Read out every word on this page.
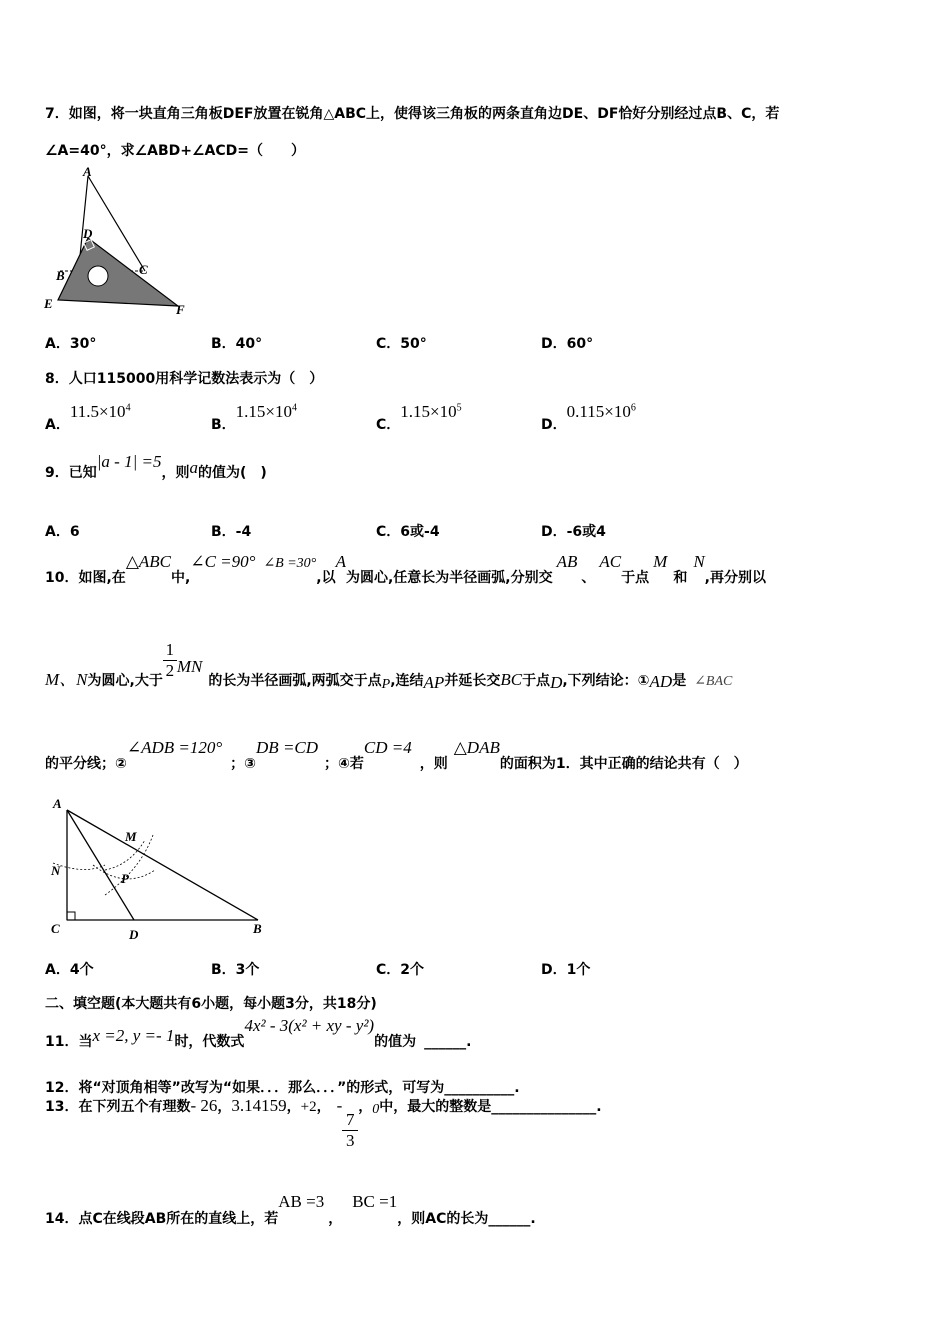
7．如图，将一块直角三角板DEF放置在锐角△ABC上，使得该三角板的两条直角边DE、DF恰好分别经过点B、C，若
∠A=40°，求∠ABD+∠ACD=（　　）
A
D
B	C
E	F
A．30°	B．40°	C．50°	D．60°
8．人口115000用科学记数法表示为（　）
A．$11.5\times 10^4$
B．$1.15\times 10^4$
C．$1.15\times 10^5$
D．$0.115\times 10^6$
9．已知|a - 1| =5，则a的值为(　)
A．6	B．-4	C．6或-4	D．-6或4
10．如图,在△ABC中,∠C =90° ∠B =30°,以A为圆心,任意长为半径画弧,分别交AB、AC于点M和N,再分别以
M、N为圆心,大于 $\frac{1}{2}$ MN的长为半径画弧,两弧交于点P,连结AP并延长交BC于点D,下列结论：①AD是 ∠BAC
的平分线；②∠ADB =120°；③DB =CD；④若CD =4，则△DAB的面积为1．其中正确的结论共有（　）
A
M
N
P
C	D	B
A．4个	B．3个	C．2个	D．1个
二、填空题(本大题共有6小题，每小题3分，共18分)
11．当x =2, y =- 1时，代数式4x² - 3(x² + xy - y²)的值为 ______.
12．将“对顶角相等”改写为“如果．．．那么．．．”的形式，可写为__________.
13．在下列五个有理数- 26，3.14159，+2， -
$\frac{7}{3}$
，0中，最大的整数是_______________.
14．点C在线段AB所在的直线上，若AB =3，BC =1，则AC的长为______.
